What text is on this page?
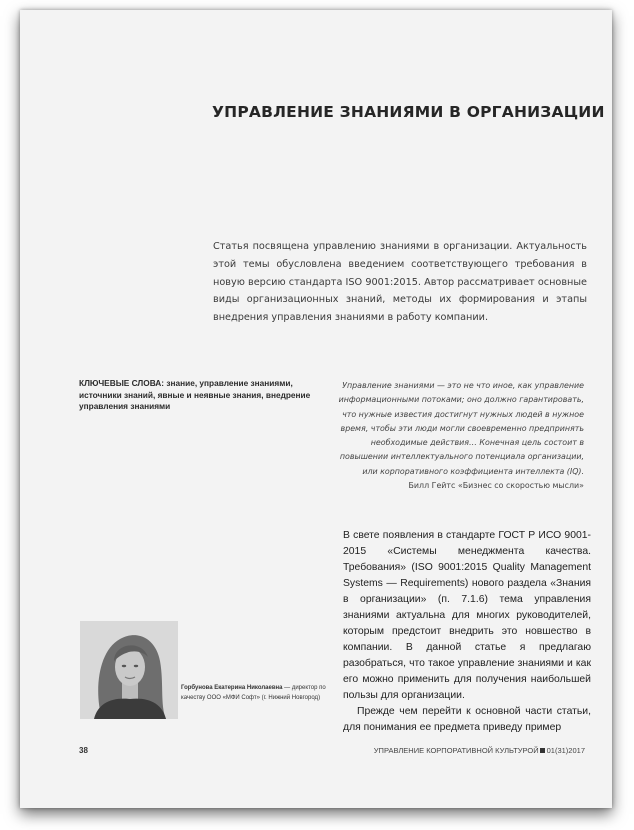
УПРАВЛЕНИЕ ЗНАНИЯМИ В ОРГАНИЗАЦИИ
Статья посвящена управлению знаниями в организации. Актуальность этой темы обусловлена введением соответствующего требования в новую версию стандарта ISO 9001:2015. Автор рассматривает основные виды организационных знаний, методы их формирования и этапы внедрения управления знаниями в работу компании.
КЛЮЧЕВЫЕ СЛОВА: знание, управление знаниями, источники знаний, явные и неявные знания, внедрение управления знаниями
Управление знаниями — это не что иное, как управление информационными потоками; оно должно гарантировать, что нужные известия достигнут нужных людей в нужное время, чтобы эти люди могли своевременно предпринять необходимые действия… Конечная цель состоит в повышении интеллектуального потенциала организации, или корпоративного коэффициента интеллекта (IQ).
Билл Гейтс «Бизнес со скоростью мысли»

В свете появления в стандарте ГОСТ Р ИСО 9001-2015 «Системы менеджмента качества. Требования» (ISO 9001:2015 Quality Management Systems — Requirements) нового раздела «Знания в организации» (п. 7.1.6) тема управления знаниями актуальна для многих руководителей, которым предстоит внедрить это новшество в компании. В данной статье я предлагаю разобраться, что такое управление знаниями и как его можно применить для получения наибольшей пользы для организации.

Прежде чем перейти к основной части статьи, для понимания ее предмета приведу пример

Горбунова Екатерина Николаевна — директор по качеству ООО «МФИ Софт» (г. Нижний Новгород)
38	УПРАВЛЕНИЕ КОРПОРАТИВНОЙ КУЛЬТУРОЙ 01(31)2017
